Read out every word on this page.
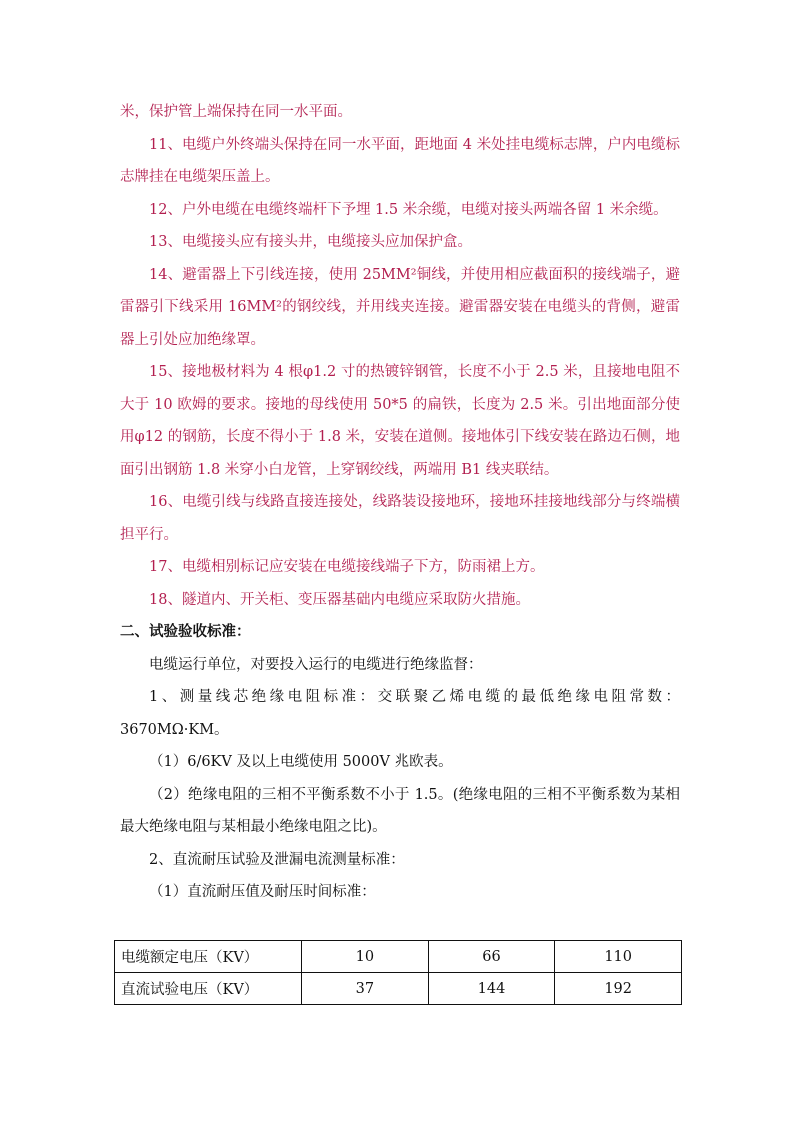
米，保护管上端保持在同一水平面。

11、电缆户外终端头保持在同一水平面，距地面 4 米处挂电缆标志牌，户内电缆标志牌挂在电缆架压盖上。

12、户外电缆在电缆终端杆下予埋 1.5 米余缆，电缆对接头两端各留 1 米余缆。

13、电缆接头应有接头井，电缆接头应加保护盒。

14、避雷器上下引线连接，使用 25MM²铜线，并使用相应截面积的接线端子，避雷器引下线采用 16MM²的钢绞线，并用线夹连接。避雷器安装在电缆头的背侧，避雷器上引处应加绝缘罩。

15、接地极材料为 4 根φ1.2 寸的热镀锌钢管，长度不小于 2.5 米，且接地电阻不大于 10 欧姆的要求。接地的母线使用 50*5 的扁铁，长度为 2.5 米。引出地面部分使用φ12 的钢筋，长度不得小于 1.8 米，安装在道侧。接地体引下线安装在路边石侧，地面引出钢筋 1.8 米穿小白龙管，上穿钢绞线，两端用 B1 线夹联结。

16、电缆引线与线路直接连接处，线路装设接地环，接地环挂接地线部分与终端横担平行。

17、电缆相别标记应安装在电缆接线端子下方，防雨裙上方。

18、隧道内、开关柜、变压器基础内电缆应采取防火措施。

二、试验验收标准：

电缆运行单位，对要投入运行的电缆进行绝缘监督：

1、测量线芯绝缘电阻标准：交联聚乙烯电缆的最低绝缘电阻常数：3670MΩ·KM。

（1）6/6KV 及以上电缆使用 5000V 兆欧表。

（2）绝缘电阻的三相不平衡系数不小于 1.5。(绝缘电阻的三相不平衡系数为某相最大绝缘电阻与某相最小绝缘电阻之比)。

2、直流耐压试验及泄漏电流测量标准：

（1）直流耐压值及耐压时间标准：

电缆额定电压（KV）	10	66	110
直流试验电压（KV）	37	144	192
